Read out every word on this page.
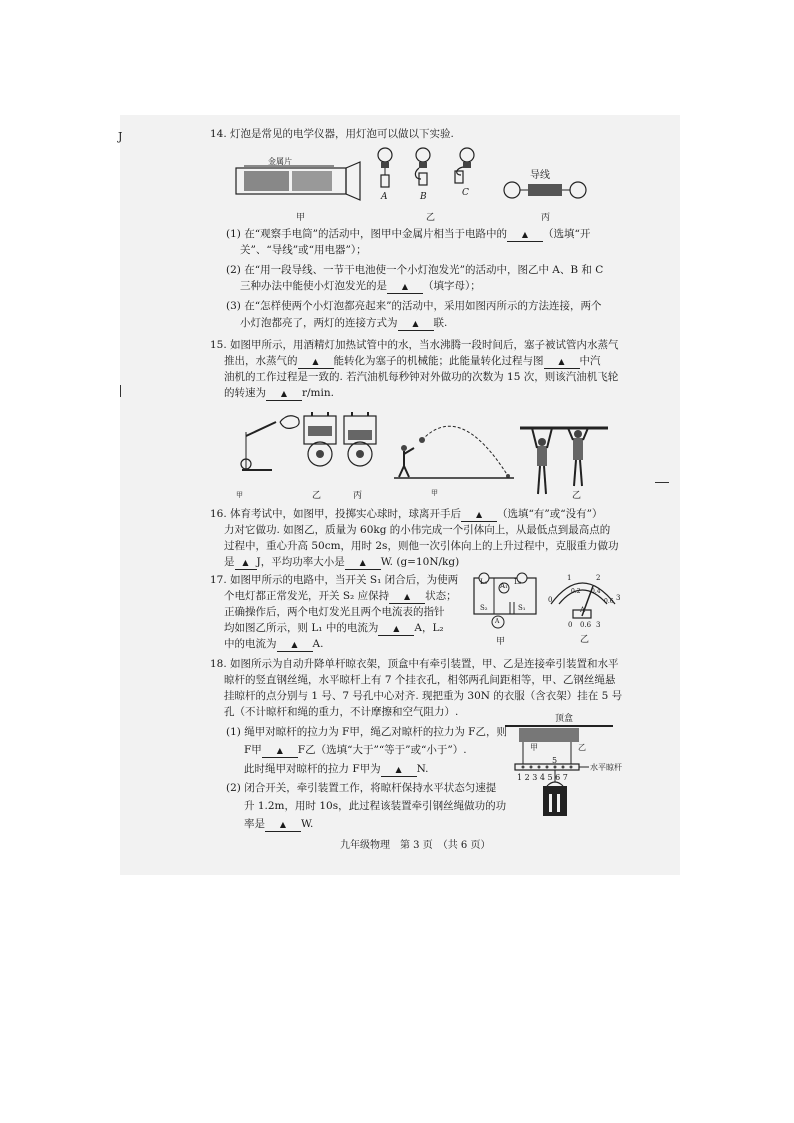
J	14. 灯泡是常见的电学仪器，用灯泡可以做以下实验.
金属片
甲
A	B	C
乙
导线
丙
(1) 在“观察手电筒”的活动中，图甲中金属片相当于电路中的 ▲ （选填“开
关”、“导线”或“用电器”）；
(2) 在“用一段导线、一节干电池使一个小灯泡发光”的活动中，图乙中 A、B 和 C
三种办法中能使小灯泡发光的是 ▲ （填字母）；
(3) 在“怎样使两个小灯泡都亮起来”的活动中，采用如图丙所示的方法连接，两个
小灯泡都亮了，两灯的连接方式为 ▲ 联.
15. 如图甲所示，用酒精灯加热试管中的水，当水沸腾一段时间后，塞子被试管内水蒸气
推出，水蒸气的 ▲ 能转化为塞子的机械能；此能量转化过程与图 ▲ 中汽
油机的工作过程是一致的. 若汽油机每秒钟对外做功的次数为 15 次，则该汽油机飞轮
的转速为 ▲ r/min.
甲	乙	丙	甲	乙
16. 体育考试中，如图甲，投掷实心球时，球离开手后 ▲ （选填“有”或“没有”）
力对它做功. 如图乙，质量为 60kg 的小伟完成一个引体向上，从最低点到最高点的
过程中，重心升高 50cm，用时 2s，则他一次引体向上的上升过程中，克服重力做功
是 ▲ J，平均功率大小是 ▲ W. (g=10N/kg)
17. 如图甲所示的电路中，当开关 S₁ 闭合后，为使两
个电灯都正常发光，开关 S₂ 应保持 ▲ 状态；
正确操作后，两个电灯发光且两个电流表的指针
均如图乙所示，则 L₁ 中的电流为 ▲ A，L₂
中的电流为 ▲ A.
L₁ A₁ L₂
S₂	S₁
A
甲
0
1	2
3
0.2 0.4
0.6
A
0 0.6 3
乙
18. 如图所示为自动升降单杆晾衣架，顶盒中有牵引装置，甲、乙是连接牵引装置和水平
晾杆的竖直钢丝绳，水平晾杆上有 7 个挂衣孔，相邻两孔间距相等，甲、乙钢丝绳悬
挂晾杆的点分别与 1 号、7 号孔中心对齐. 现把重为 30N 的衣服（含衣架）挂在 5 号
孔（不计晾杆和绳的重力，不计摩擦和空气阻力）.
(1) 绳甲对晾杆的拉力为 F甲，绳乙对晾杆的拉力为 F乙，则
F甲 ▲ F乙（选填“大于”“等于”或“小于”）.
此时绳甲对晾杆的拉力 F甲为 ▲ N.
(2) 闭合开关，牵引装置工作，将晾杆保持水平状态匀速提
升 1.2m，用时 10s，此过程该装置牵引钢丝绳做功的功
率是 ▲ W.
顶盒
甲	乙
5
1 2 3 4 5 6 7
水平晾杆
九年级物理　第 3 页　（共 6 页）
